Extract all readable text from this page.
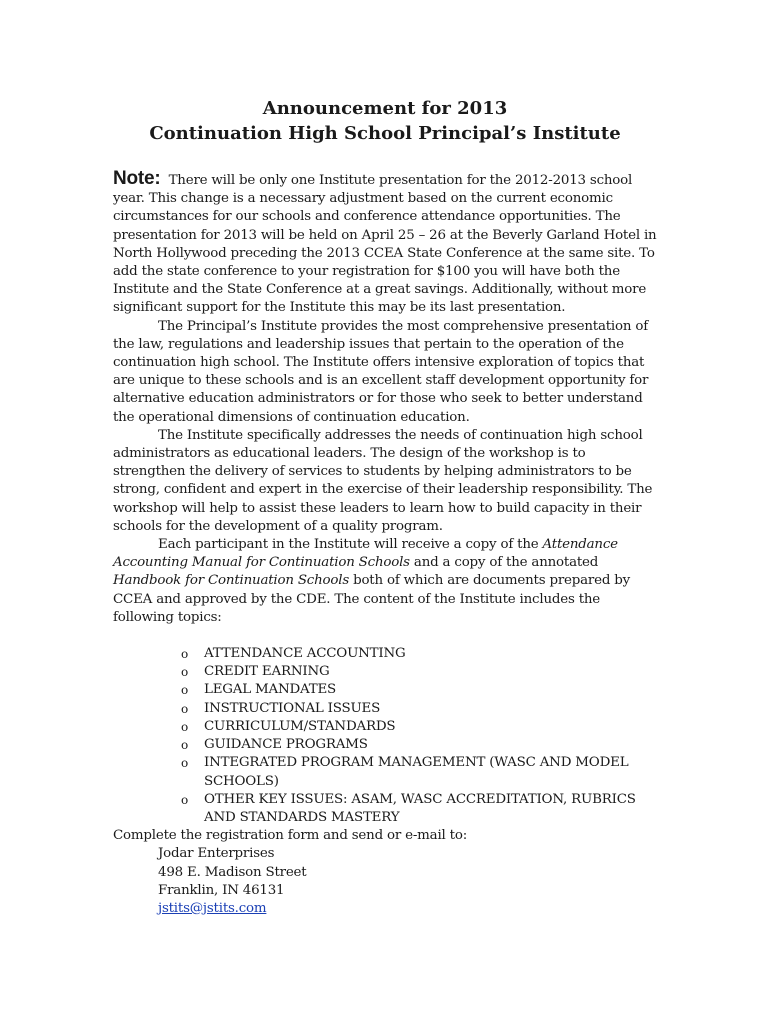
Announcement for 2013
Continuation High School Principal’s Institute

Note: There will be only one Institute presentation for the 2012-2013 school year. This change is a necessary adjustment based on the current economic circumstances for our schools and conference attendance opportunities. The presentation for 2013 will be held on April 25 – 26 at the Beverly Garland Hotel in North Hollywood preceding the 2013 CCEA State Conference at the same site. To add the state conference to your registration for $100 you will have both the Institute and the State Conference at a great savings. Additionally, without more significant support for the Institute this may be its last presentation.

The Principal’s Institute provides the most comprehensive presentation of the law, regulations and leadership issues that pertain to the operation of the continuation high school. The Institute offers intensive exploration of topics that are unique to these schools and is an excellent staff development opportunity for alternative education administrators or for those who seek to better understand the operational dimensions of continuation education.

The Institute specifically addresses the needs of continuation high school administrators as educational leaders. The design of the workshop is to strengthen the delivery of services to students by helping administrators to be strong, confident and expert in the exercise of their leadership responsibility. The workshop will help to assist these leaders to learn how to build capacity in their schools for the development of a quality program.

Each participant in the Institute will receive a copy of the Attendance Accounting Manual for Continuation Schools and a copy of the annotated Handbook for Continuation Schools both of which are documents prepared by CCEA and approved by the CDE. The content of the Institute includes the following topics:

o ATTENDANCE ACCOUNTING
o CREDIT EARNING
o LEGAL MANDATES
o INSTRUCTIONAL ISSUES
o CURRICULUM/STANDARDS
o GUIDANCE PROGRAMS
o INTEGRATED PROGRAM MANAGEMENT (WASC AND MODEL SCHOOLS)
o OTHER KEY ISSUES: ASAM, WASC ACCREDITATION, RUBRICS AND STANDARDS MASTERY

Complete the registration form and send or e-mail to:

Jodar Enterprises
498 E. Madison Street
Franklin, IN 46131
jstits@jstits.com
